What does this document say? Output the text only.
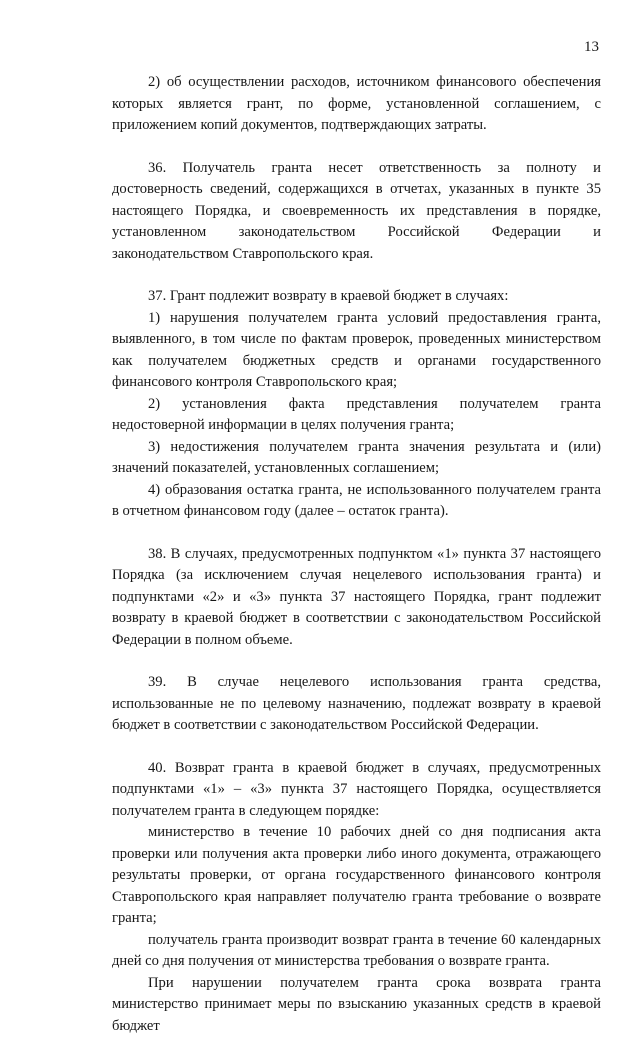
13

2) об осуществлении расходов, источником финансового обеспечения которых является грант, по форме, установленной соглашением, с приложением копий документов, подтверждающих затраты.

36. Получатель гранта несет ответственность за полноту и достоверность сведений, содержащихся в отчетах, указанных в пункте 35 настоящего Порядка, и своевременность их представления в порядке, установленном законодательством Российской Федерации и законодательством Ставропольского края.

37. Грант подлежит возврату в краевой бюджет в случаях:

1) нарушения получателем гранта условий предоставления гранта, выявленного, в том числе по фактам проверок, проведенных министерством как получателем бюджетных средств и органами государственного финансового контроля Ставропольского края;

2) установления факта представления получателем гранта недостоверной информации в целях получения гранта;

3) недостижения получателем гранта значения результата и (или) значений показателей, установленных соглашением;

4) образования остатка гранта, не использованного получателем гранта в отчетном финансовом году (далее – остаток гранта).

38. В случаях, предусмотренных подпунктом «1» пункта 37 настоящего Порядка (за исключением случая нецелевого использования гранта) и подпунктами «2» и «3» пункта 37 настоящего Порядка, грант подлежит возврату в краевой бюджет в соответствии с законодательством Российской Федерации в полном объеме.

39. В случае нецелевого использования гранта средства, использованные не по целевому назначению, подлежат возврату в краевой бюджет в соответствии с законодательством Российской Федерации.

40. Возврат гранта в краевой бюджет в случаях, предусмотренных подпунктами «1» – «3» пункта 37 настоящего Порядка, осуществляется получателем гранта в следующем порядке:

министерство в течение 10 рабочих дней со дня подписания акта проверки или получения акта проверки либо иного документа, отражающего результаты проверки, от органа государственного финансового контроля Ставропольского края направляет получателю гранта требование о возврате гранта;

получатель гранта производит возврат гранта в течение 60 календарных дней со дня получения от министерства требования о возврате гранта.

При нарушении получателем гранта срока возврата гранта министерство принимает меры по взысканию указанных средств в краевой бюджет
